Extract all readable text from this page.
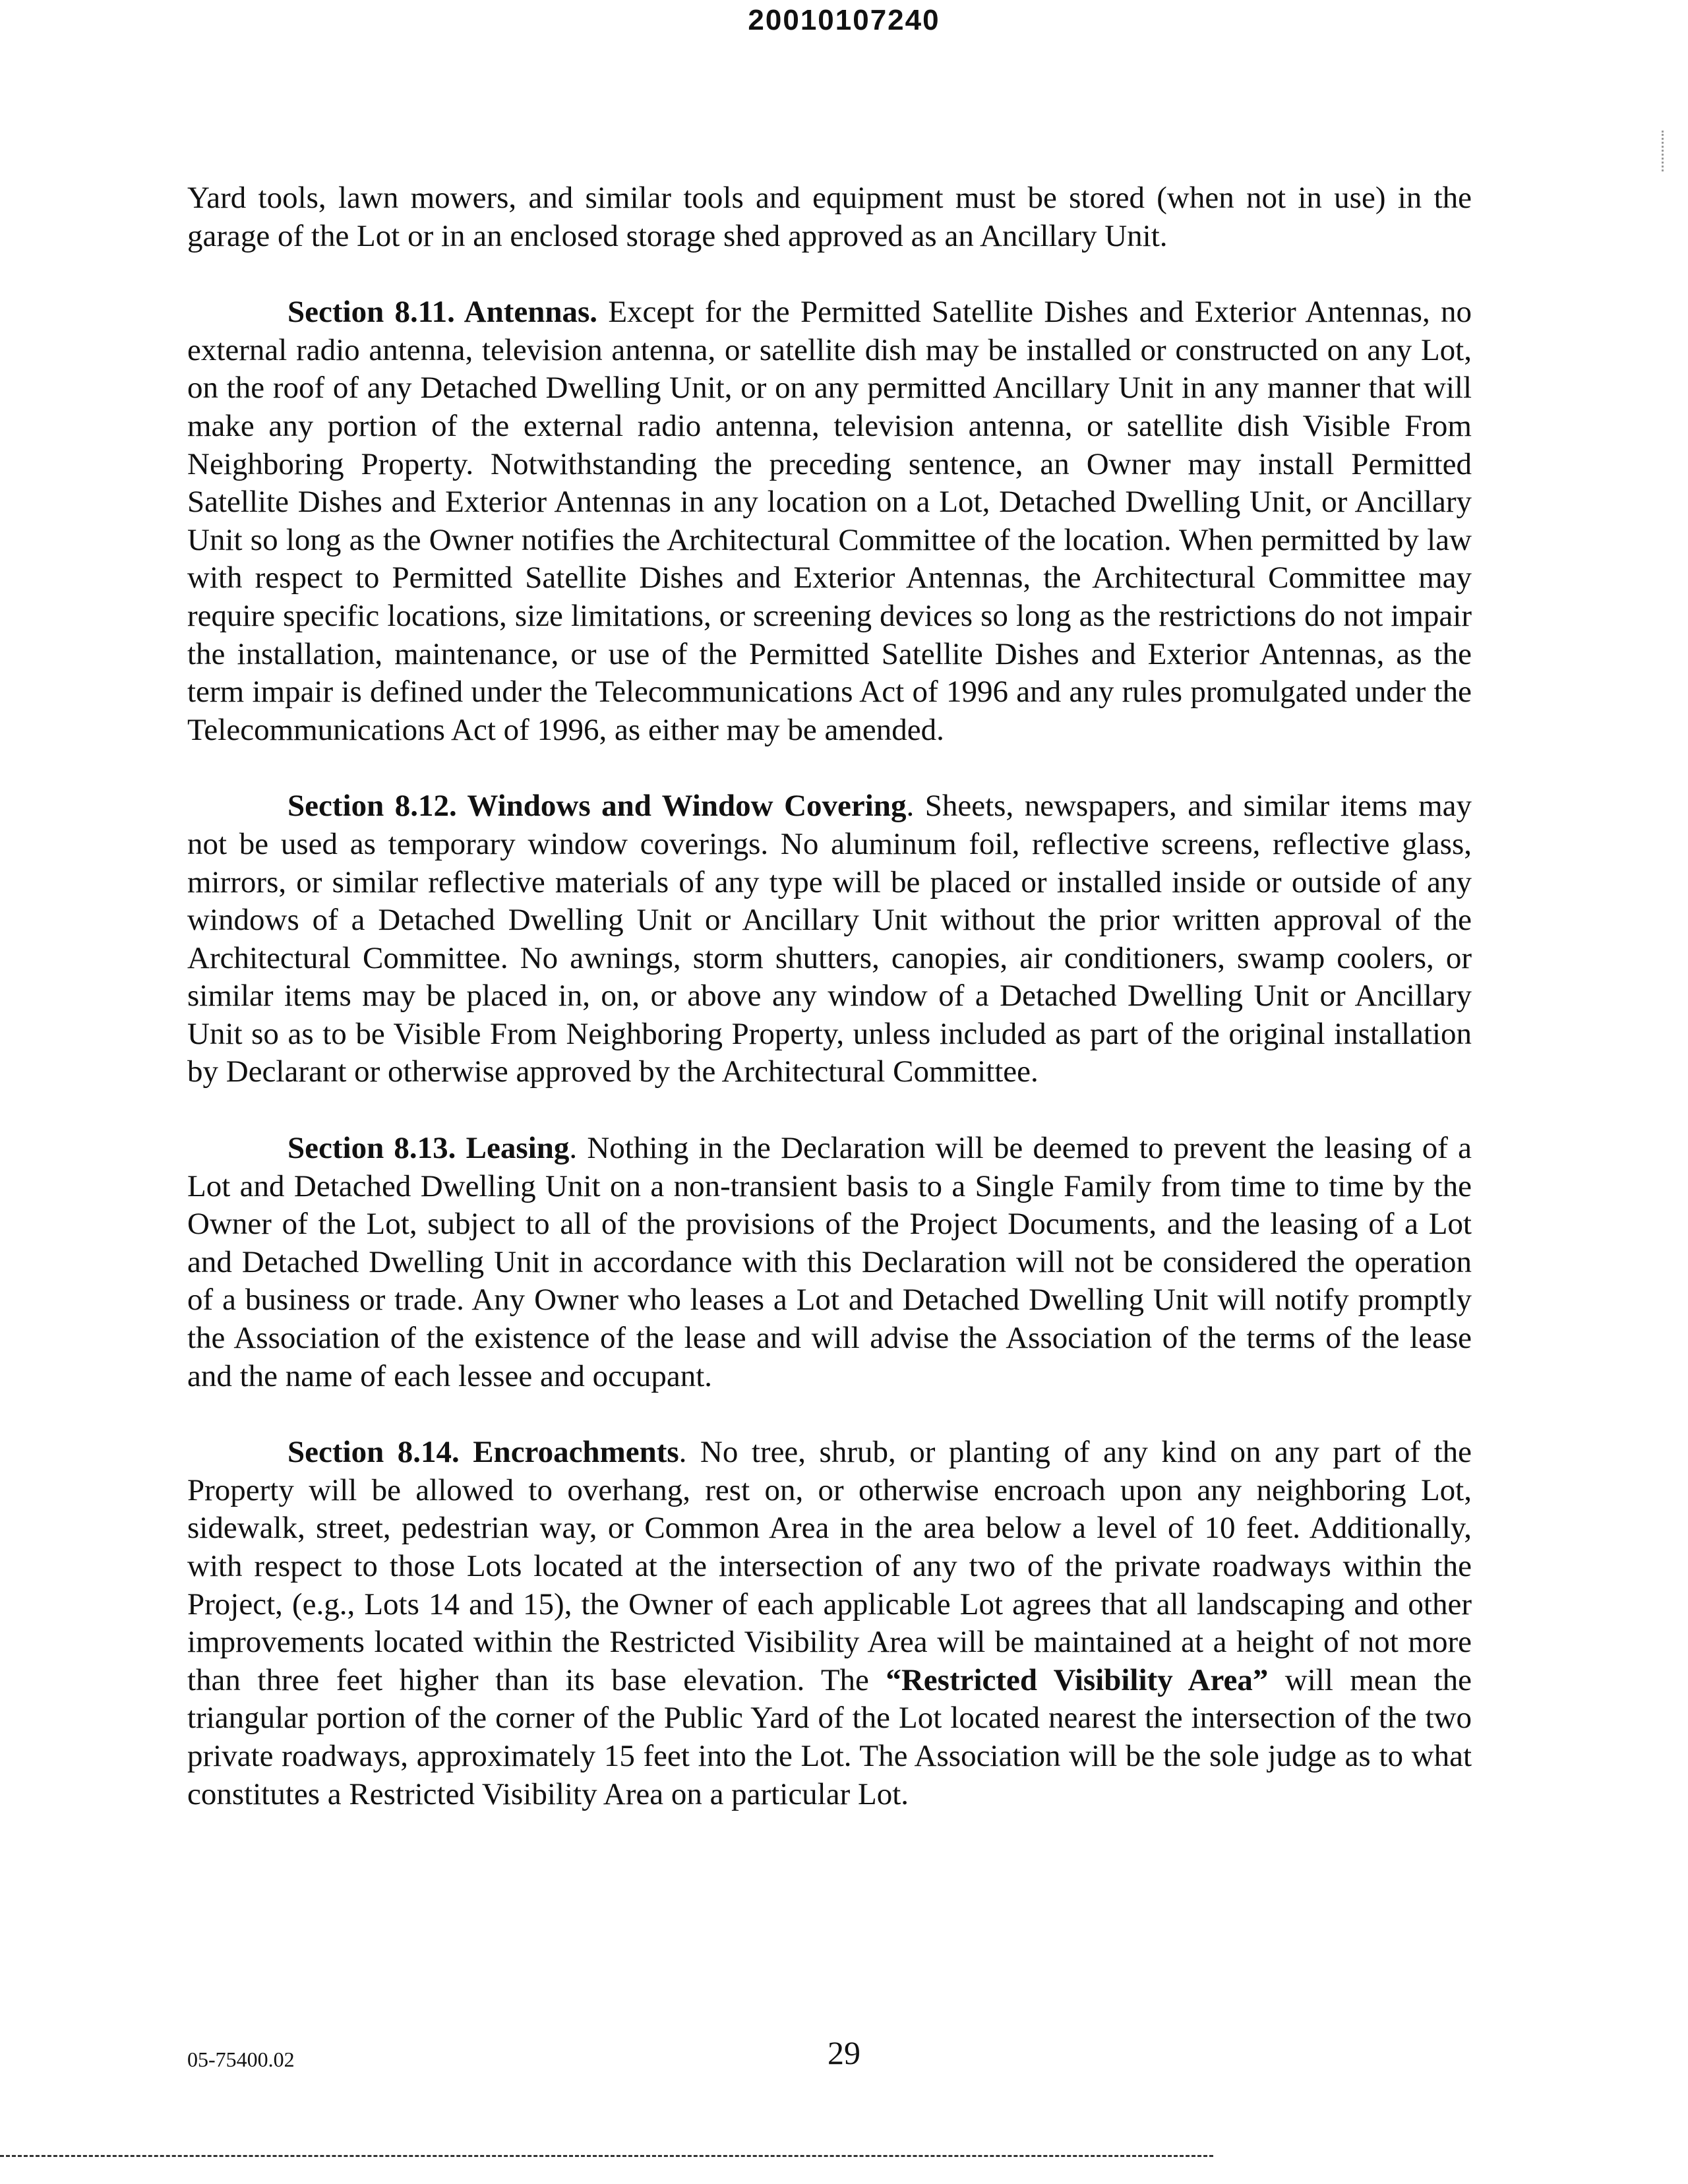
20010107240

Yard tools, lawn mowers, and similar tools and equipment must be stored (when not in use) in the garage of the Lot or in an enclosed storage shed approved as an Ancillary Unit.

Section 8.11. Antennas. Except for the Permitted Satellite Dishes and Exterior Antennas, no external radio antenna, television antenna, or satellite dish may be installed or constructed on any Lot, on the roof of any Detached Dwelling Unit, or on any permitted Ancillary Unit in any manner that will make any portion of the external radio antenna, television antenna, or satellite dish Visible From Neighboring Property. Notwithstanding the preceding sentence, an Owner may install Permitted Satellite Dishes and Exterior Antennas in any location on a Lot, Detached Dwelling Unit, or Ancillary Unit so long as the Owner notifies the Architectural Committee of the location. When permitted by law with respect to Permitted Satellite Dishes and Exterior Antennas, the Architectural Committee may require specific locations, size limitations, or screening devices so long as the restrictions do not impair the installation, maintenance, or use of the Permitted Satellite Dishes and Exterior Antennas, as the term impair is defined under the Telecommunications Act of 1996 and any rules promulgated under the Telecommunications Act of 1996, as either may be amended.

Section 8.12. Windows and Window Covering. Sheets, newspapers, and similar items may not be used as temporary window coverings. No aluminum foil, reflective screens, reflective glass, mirrors, or similar reflective materials of any type will be placed or installed inside or outside of any windows of a Detached Dwelling Unit or Ancillary Unit without the prior written approval of the Architectural Committee. No awnings, storm shutters, canopies, air conditioners, swamp coolers, or similar items may be placed in, on, or above any window of a Detached Dwelling Unit or Ancillary Unit so as to be Visible From Neighboring Property, unless included as part of the original installation by Declarant or otherwise approved by the Architectural Committee.

Section 8.13. Leasing. Nothing in the Declaration will be deemed to prevent the leasing of a Lot and Detached Dwelling Unit on a non-transient basis to a Single Family from time to time by the Owner of the Lot, subject to all of the provisions of the Project Documents, and the leasing of a Lot and Detached Dwelling Unit in accordance with this Declaration will not be considered the operation of a business or trade. Any Owner who leases a Lot and Detached Dwelling Unit will notify promptly the Association of the existence of the lease and will advise the Association of the terms of the lease and the name of each lessee and occupant.

Section 8.14. Encroachments. No tree, shrub, or planting of any kind on any part of the Property will be allowed to overhang, rest on, or otherwise encroach upon any neighboring Lot, sidewalk, street, pedestrian way, or Common Area in the area below a level of 10 feet. Additionally, with respect to those Lots located at the intersection of any two of the private roadways within the Project, (e.g., Lots 14 and 15), the Owner of each applicable Lot agrees that all landscaping and other improvements located within the Restricted Visibility Area will be maintained at a height of not more than three feet higher than its base elevation. The “Restricted Visibility Area” will mean the triangular portion of the corner of the Public Yard of the Lot located nearest the intersection of the two private roadways, approximately 15 feet into the Lot. The Association will be the sole judge as to what constitutes a Restricted Visibility Area on a particular Lot.

05-75400.02	29
